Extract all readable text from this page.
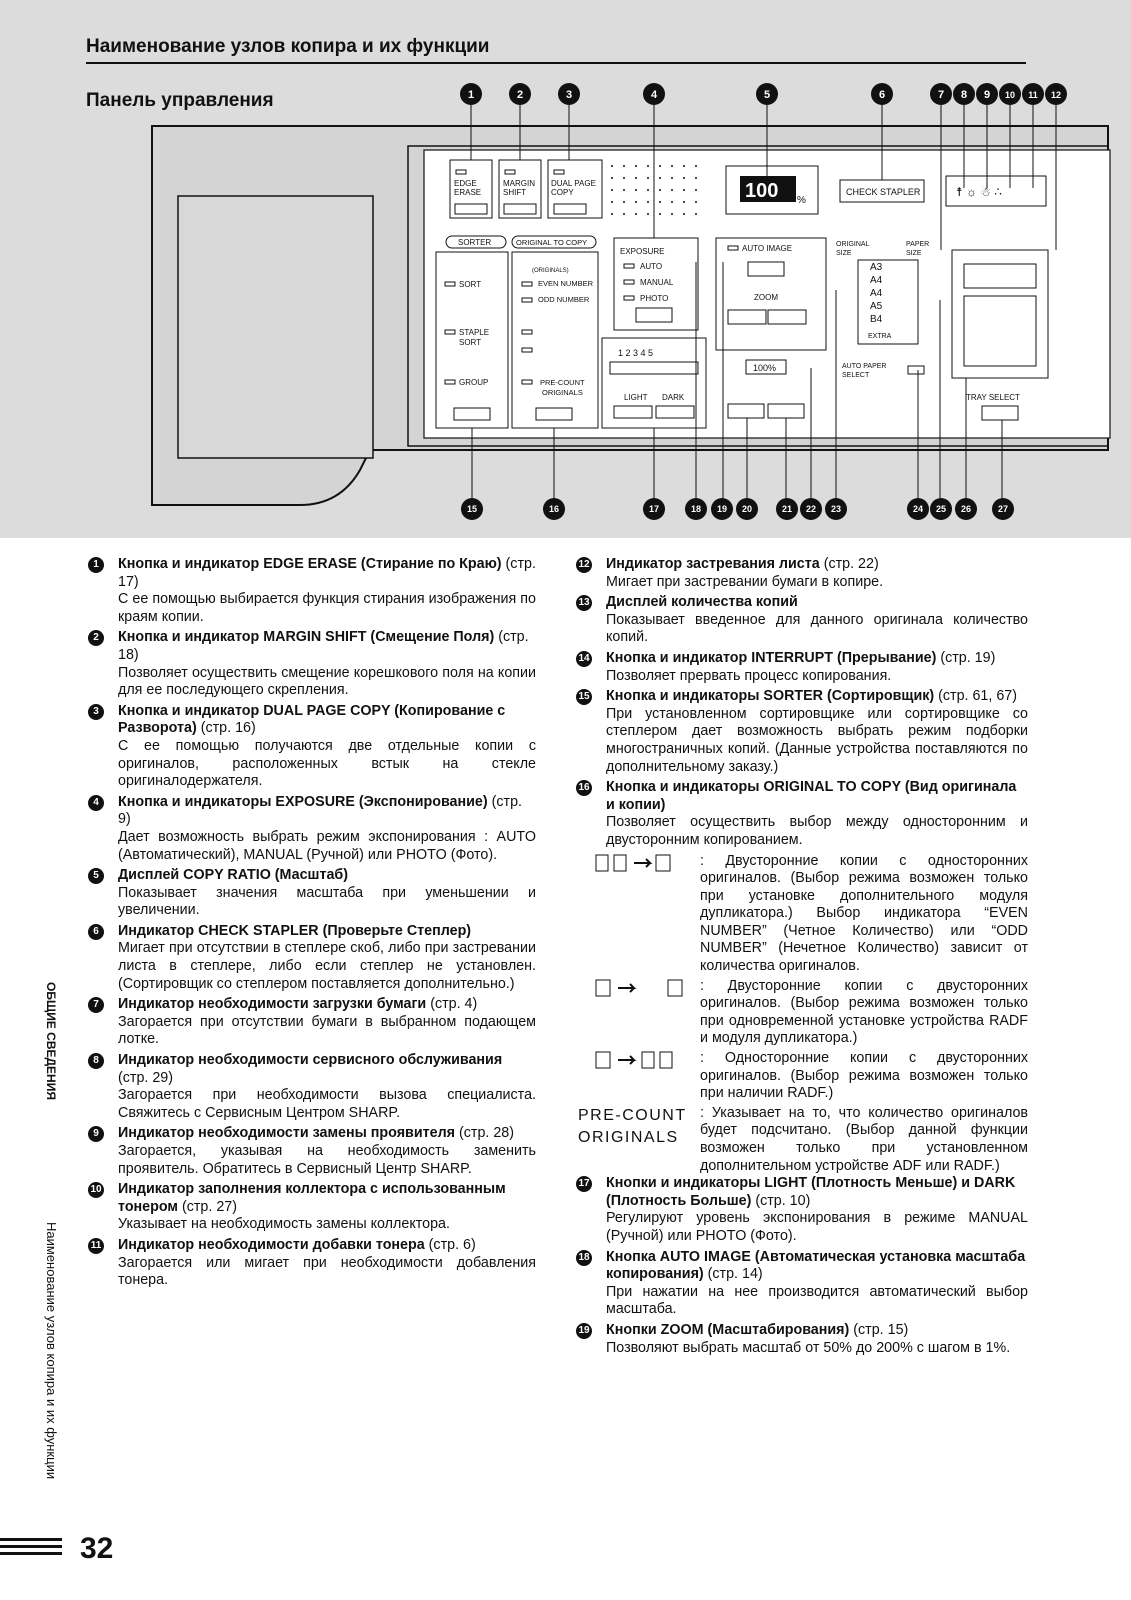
Наименование узлов копира и их функции
Панель управления
EDGE ERASE
MARGIN SHIFT
DUAL PAGE COPY	100 %
CHECK STAPLER	☨ ☼ ☃ ∴
SORTER
SORT
STAPLE SORT
GROUP
ORIGINAL TO COPY
(ORIGINALS)
EVEN NUMBER
ODD NUMBER
PRE-COUNT ORIGINALS
EXPOSURE
AUTO
MANUAL
PHOTO
1 2 3 4 5
LIGHT DARK
AUTO IMAGE
ZOOM
100%
ORIGINAL SIZE
PAPER SIZE
A3
A4
A4
A5
B4
EXTRA
AUTO PAPER SELECT
TRAY SELECT
1	2	3	4	5	6	7 8 9 10 11 12
15	16	17	18 19 20	21 22 23	24 25 26	27
1	Кнопка и индикатор EDGE ERASE (Стирание по Краю) (стр. 17)
С ее помощью выбирается функция стирания изображения по краям копии.
2	Кнопка и индикатор MARGIN SHIFT (Смещение Поля) (стр. 18)
Позволяет осуществить смещение корешкового поля на копии для ее последующего скрепления.
3	Кнопка и индикатор DUAL PAGE COPY (Копирование с Разворота) (стр. 16)
С ее помощью получаются две отдельные копии с оригиналов, расположенных встык на стекле оригиналодержателя.
4	Кнопка и индикаторы EXPOSURE (Экспонирование) (стр. 9)
Дает возможность выбрать режим экспонирования : AUTO (Автоматический), MANUAL (Ручной) или PHOTO (Фото).
5	Дисплей COPY RATIO (Масштаб)
Показывает значения масштаба при уменьшении и увеличении.
6	Индикатор CHECK STAPLER (Проверьте Степлер)
Мигает при отсутствии в степлере скоб, либо при застревании листа в степлере, либо если степлер не установлен. (Сортировщик со степлером поставляется дополнительно.)
7	Индикатор необходимости загрузки бумаги (стр. 4)
Загорается при отсутствии бумаги в выбранном подающем лотке.
8	Индикатор необходимости сервисного обслуживания (стр. 29)
Загорается при необходимости вызова специалиста. Свяжитесь с Сервисным Центром SHARP.
9	Индикатор необходимости замены проявителя (стр. 28)
Загорается, указывая на необходимость заменить проявитель. Обратитесь в Сервисный Центр SHARP.
10 Индикатор заполнения коллектора с использованным тонером (стр. 27)
Указывает на необходимость замены коллектора.
11 Индикатор необходимости добавки тонера (стр. 6)
Загорается или мигает при необходимости добавления тонера.
12 Индикатор застревания листа (стр. 22)
Мигает при застревании бумаги в копире.
13 Дисплей количества копий
Показывает введенное для данного оригинала количество копий.
14 Кнопка и индикатор INTERRUPT (Прерывание) (стр. 19)
Позволяет прервать процесс копирования.
15 Кнопка и индикаторы SORTER (Сортировщик) (стр. 61, 67)
При установленном сортировщике или сортировщике со степлером дает возможность выбрать режим подборки многостраничных копий. (Данные устройства поставляются по дополнительному заказу.)
16 Кнопка и индикаторы ORIGINAL TO COPY (Вид оригинала и копии)
Позволяет осуществить выбор между односторонним и двусторонним копированием.
: Двусторонние копии с односторонних оригиналов. (Выбор режима возможен только при установке дополнительного модуля дупликатора.) Выбор индикатора “EVEN NUMBER” (Четное Количество) или “ODD NUMBER” (Нечетное Количество) зависит от количества оригиналов.
: Двусторонние копии с двусторонних оригиналов. (Выбор режима возможен только при одновременной установке устройства RADF и модуля дупликатора.)
: Односторонние копии с двусторонних оригиналов. (Выбор режима возможен только при наличии RADF.)
PRE-COUNT
ORIGINALS
: Указывает на то, что количество оригиналов будет подсчитано. (Выбор данной функции возможен только при установленном дополнительном устройстве ADF или RADF.)
17 Кнопки и индикаторы LIGHT (Плотность Меньше) и DARK (Плотность Больше) (стр. 10)
Регулируют уровень экспонирования в режиме MANUAL (Ручной) или PHOTO (Фото).
18 Кнопка AUTO IMAGE (Автоматическая установка масштаба копирования) (стр. 14)
При нажатии на нее производится автоматический выбор масштаба.
19 Кнопки ZOOM (Масштабирования) (стр. 15)
Позволяют выбрать масштаб от 50% до 200% с шагом в 1%.
ОБЩИЕ СВЕДЕНИЯ
Наименование узлов копира и их функции
32
